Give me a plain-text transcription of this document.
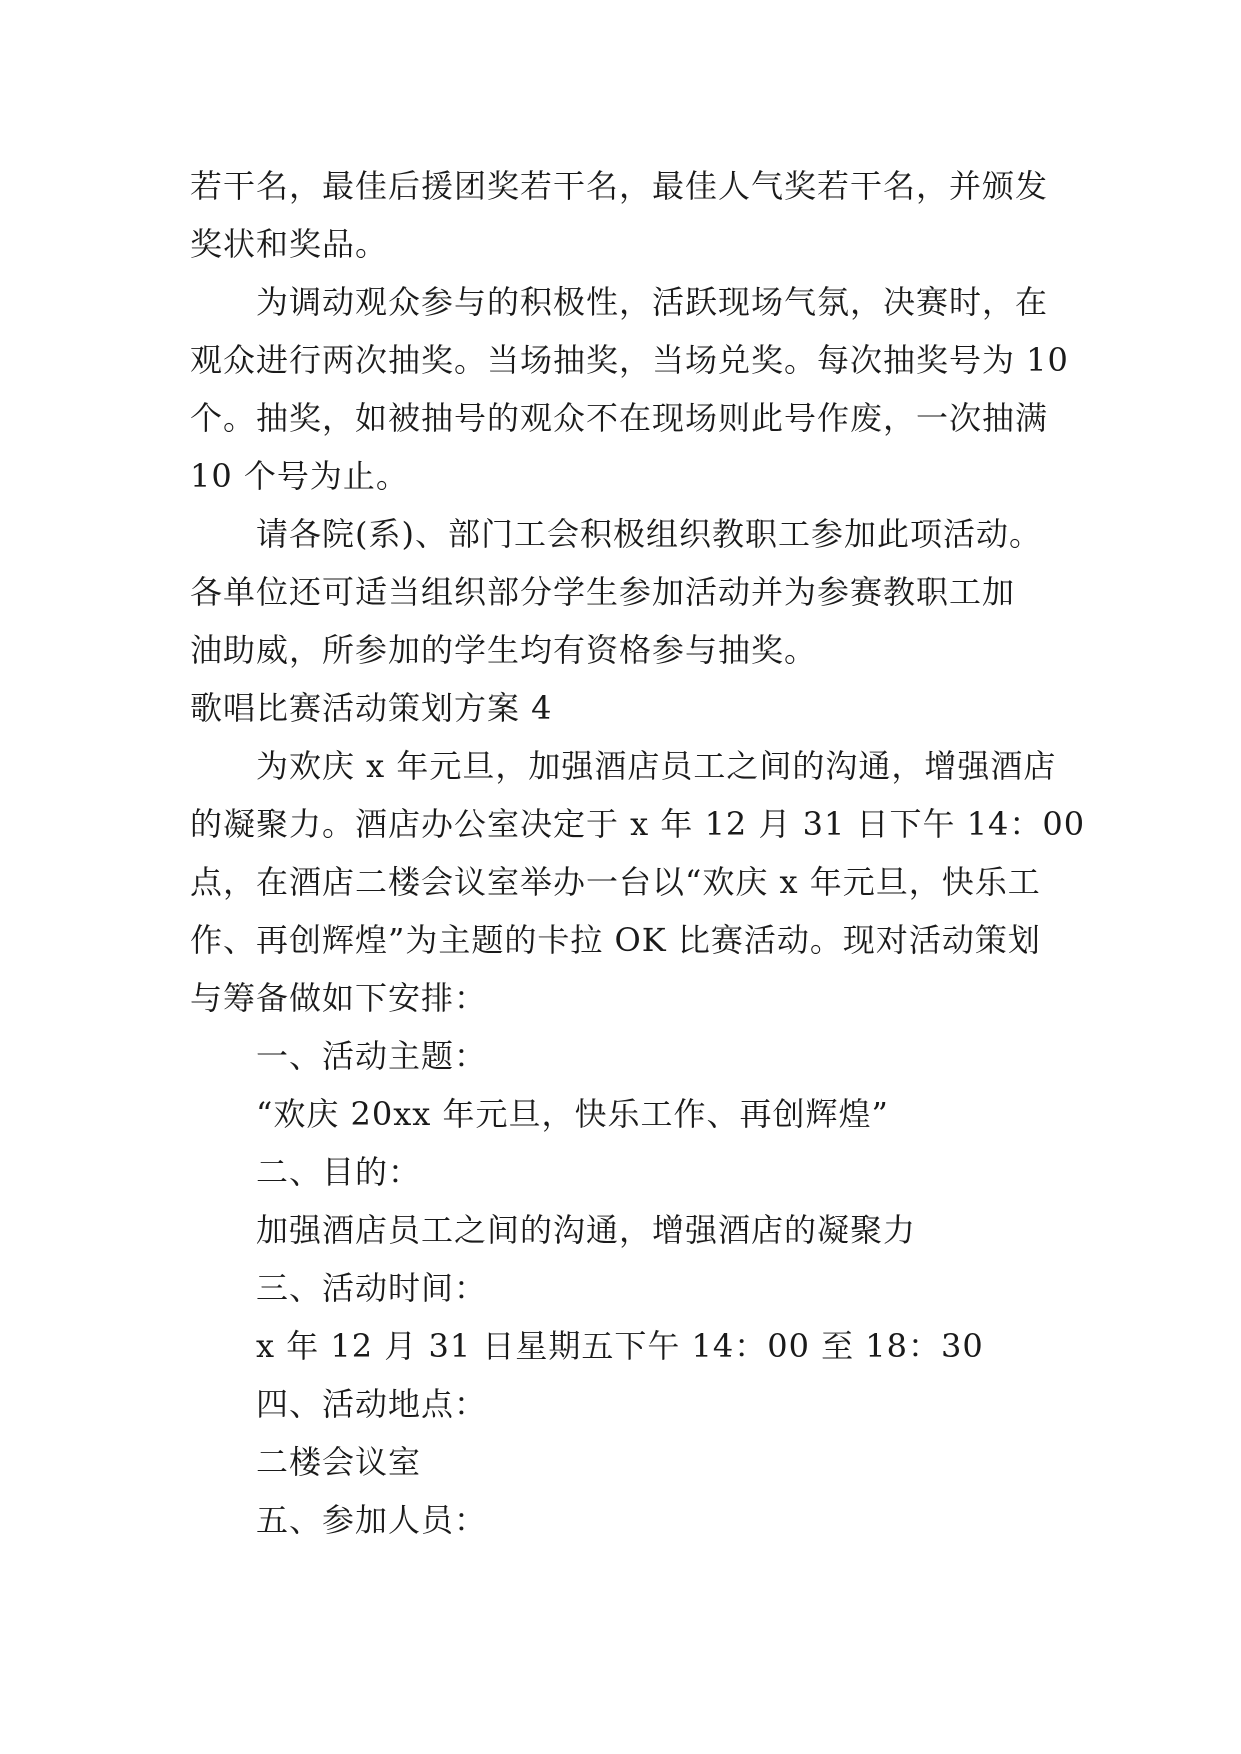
若干名，最佳后援团奖若干名，最佳人气奖若干名，并颁发

奖状和奖品。

为调动观众参与的积极性，活跃现场气氛，决赛时，在

观众进行两次抽奖。当场抽奖，当场兑奖。每次抽奖号为 10

个。抽奖，如被抽号的观众不在现场则此号作废，一次抽满

10 个号为止。

请各院(系)、部门工会积极组织教职工参加此项活动。

各单位还可适当组织部分学生参加活动并为参赛教职工加

油助威，所参加的学生均有资格参与抽奖。

歌唱比赛活动策划方案 4

为欢庆 x 年元旦，加强酒店员工之间的沟通，增强酒店

的凝聚力。酒店办公室决定于 x 年 12 月 31 日下午 14：00

点，在酒店二楼会议室举办一台以“欢庆 x 年元旦，快乐工

作、再创辉煌”为主题的卡拉 OK 比赛活动。现对活动策划

与筹备做如下安排：

一、活动主题：

“欢庆 20xx 年元旦，快乐工作、再创辉煌”

二、目的：

加强酒店员工之间的沟通，增强酒店的凝聚力

三、活动时间：

x 年 12 月 31 日星期五下午 14：00 至 18：30

四、活动地点：

二楼会议室

五、参加人员：
